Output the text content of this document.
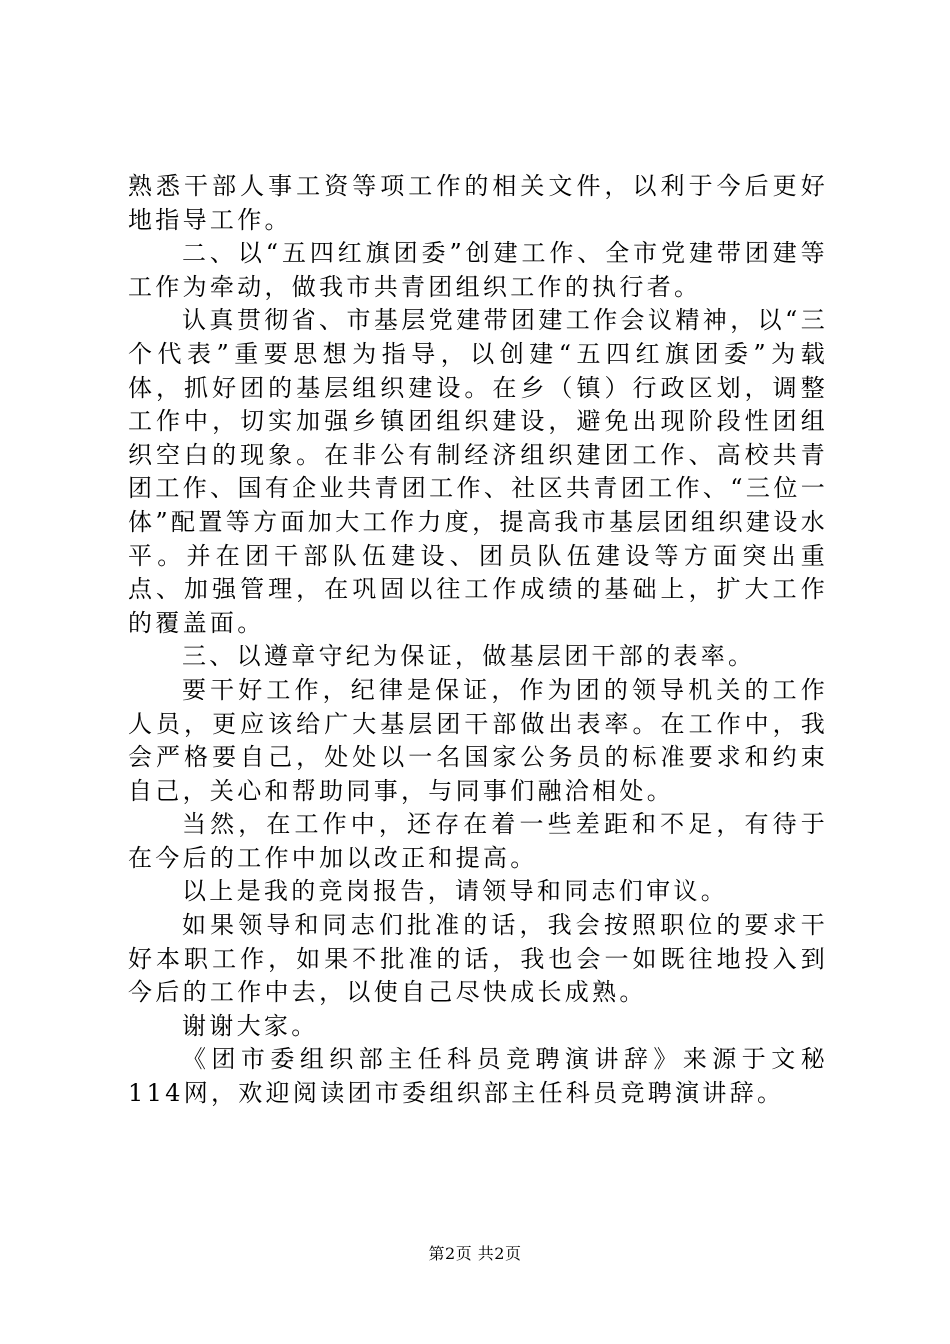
熟悉干部人事工资等项工作的相关文件，以利于今后更好地指导工作。

二、以“五四红旗团委”创建工作、全市党建带团建等工作为牵动，做我市共青团组织工作的执行者。

认真贯彻省、市基层党建带团建工作会议精神，以“三个代表”重要思想为指导，以创建“五四红旗团委”为载体，抓好团的基层组织建设。在乡（镇）行政区划，调整工作中，切实加强乡镇团组织建设，避免出现阶段性团组织空白的现象。在非公有制经济组织建团工作、高校共青团工作、国有企业共青团工作、社区共青团工作、“三位一体”配置等方面加大工作力度，提高我市基层团组织建设水平。并在团干部队伍建设、团员队伍建设等方面突出重点、加强管理，在巩固以往工作成绩的基础上，扩大工作的覆盖面。

三、以遵章守纪为保证，做基层团干部的表率。

要干好工作，纪律是保证，作为团的领导机关的工作人员，更应该给广大基层团干部做出表率。在工作中，我会严格要自己，处处以一名国家公务员的标准要求和约束自己，关心和帮助同事，与同事们融洽相处。

当然，在工作中，还存在着一些差距和不足，有待于在今后的工作中加以改正和提高。

以上是我的竞岗报告，请领导和同志们审议。

如果领导和同志们批准的话，我会按照职位的要求干好本职工作，如果不批准的话，我也会一如既往地投入到今后的工作中去，以使自己尽快成长成熟。

谢谢大家。

《团市委组织部主任科员竞聘演讲辞》来源于文秘114网，欢迎阅读团市委组织部主任科员竞聘演讲辞。

第2页 共2页
